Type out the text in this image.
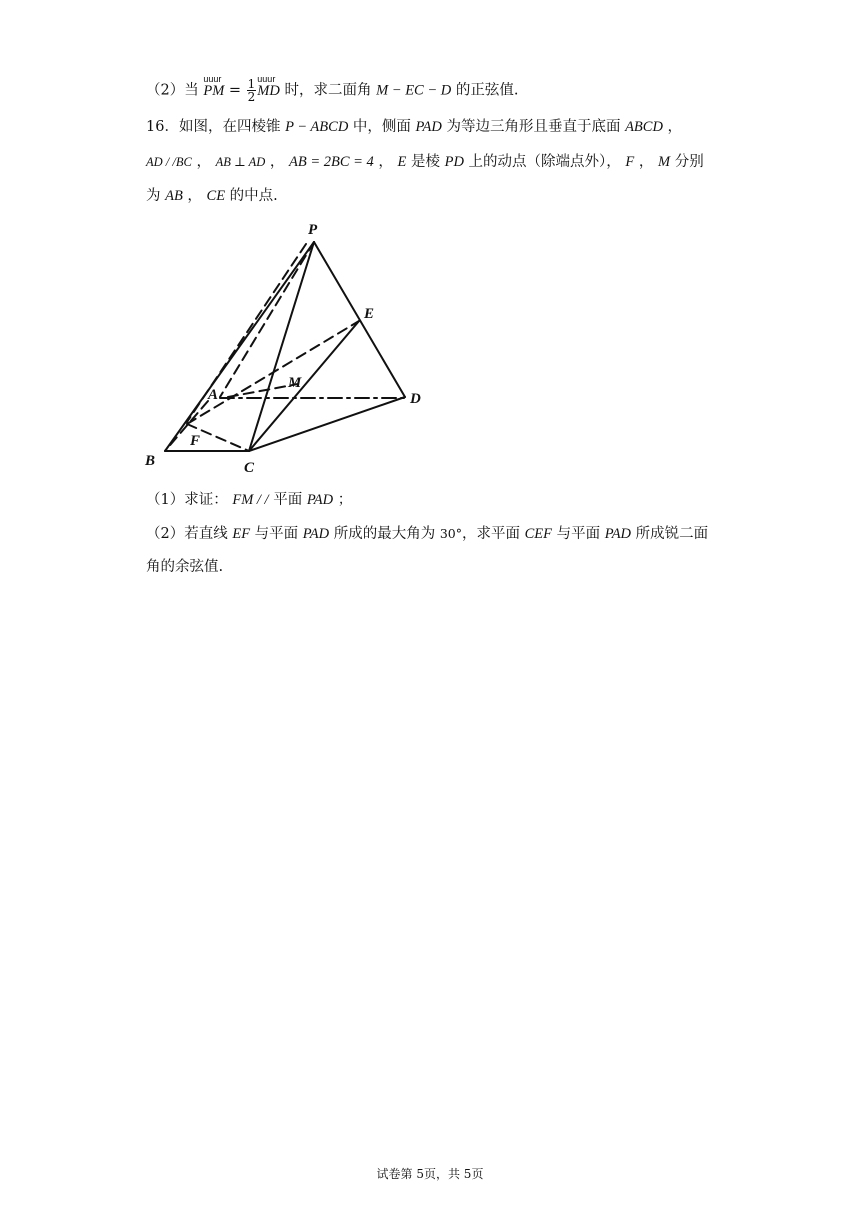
（2）当
uuur
PM = $\frac{1}{2}$ uuur
MD 时，求二面角 M − EC − D 的正弦值.
16．如图，在四棱锥 P − ABCD 中，侧面 PAD 为等边三角形且垂直于底面 ABCD ，
AD / /BC ， AB ⊥ AD ， AB = 2BC = 4 ， E 是棱 PD 上的动点（除端点外）， F ， M 分别
为 AB ， CE 的中点.
P
E
M
A	D
F
B	C
（1）求证： FM / / 平面 PAD ；
（2）若直线 EF 与平面 PAD 所成的最大角为 30°，求平面 CEF 与平面 PAD 所成锐二面
角的余弦值.
试卷第 5页，共 5页
